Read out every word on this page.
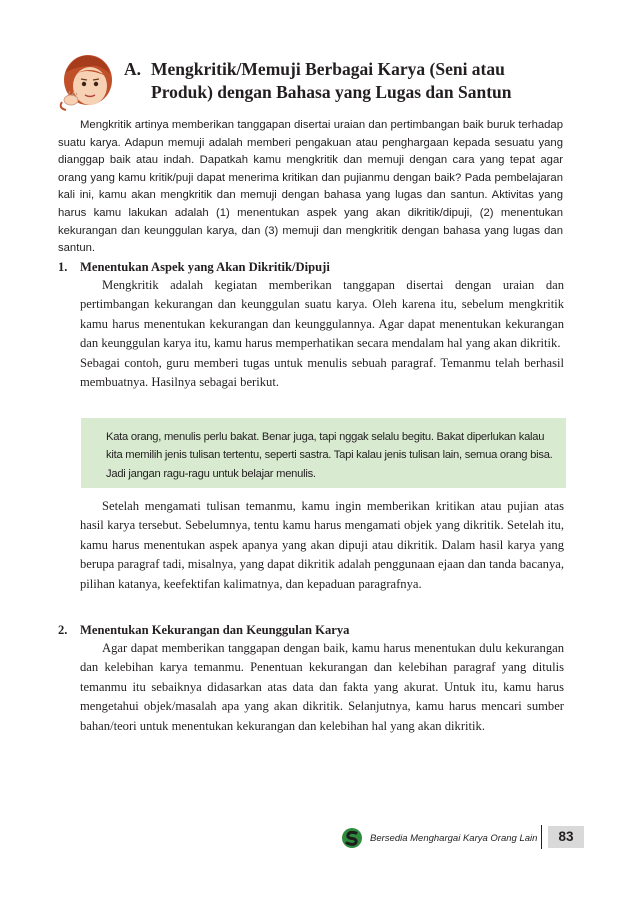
A. Mengkritik/Memuji Berbagai Karya (Seni atau Produk) dengan Bahasa yang Lugas dan Santun

Mengkritik artinya memberikan tanggapan disertai uraian dan pertimbangan baik buruk terhadap suatu karya. Adapun memuji adalah memberi pengakuan atau penghargaan kepada sesuatu yang dianggap baik atau indah. Dapatkah kamu mengkritik dan memuji dengan cara yang tepat agar orang yang kamu kritik/puji dapat menerima kritikan dan pujianmu dengan baik? Pada pembelajaran kali ini, kamu akan mengkritik dan memuji dengan bahasa yang lugas dan santun. Aktivitas yang harus kamu lakukan adalah (1) menentukan aspek yang akan dikritik/dipuji, (2) menentukan kekurangan dan keunggulan karya, dan (3) memuji dan mengkritik dengan bahasa yang lugas dan santun.

1. Menentukan Aspek yang Akan Dikritik/Dipuji

Mengkritik adalah kegiatan memberikan tanggapan disertai dengan uraian dan pertimbangan kekurangan dan keunggulan suatu karya. Oleh karena itu, sebelum mengkritik kamu harus menentukan kekurangan dan keunggulannya. Agar dapat menentukan kekurangan dan keunggulan karya itu, kamu harus memperhatikan secara mendalam hal yang akan dikritik.

Sebagai contoh, guru memberi tugas untuk menulis sebuah paragraf. Temanmu telah berhasil membuatnya. Hasilnya sebagai berikut.

Kata orang, menulis perlu bakat. Benar juga, tapi nggak selalu begitu. Bakat diperlukan kalau kita memilih jenis tulisan tertentu, seperti sastra. Tapi kalau jenis tulisan lain, semua orang bisa. Jadi jangan ragu-ragu untuk belajar menulis.

Setelah mengamati tulisan temanmu, kamu ingin memberikan kritikan atau pujian atas hasil karya tersebut. Sebelumnya, tentu kamu harus mengamati objek yang dikritik. Setelah itu, kamu harus menentukan aspek apanya yang akan dipuji atau dikritik. Dalam hasil karya yang berupa paragraf tadi, misalnya, yang dapat dikritik adalah penggunaan ejaan dan tanda bacanya, pilihan katanya, keefektifan kalimatnya, dan kepaduan paragrafnya.

2. Menentukan Kekurangan dan Keunggulan Karya

Agar dapat memberikan tanggapan dengan baik, kamu harus menentukan dulu kekurangan dan kelebihan karya temanmu. Penentuan kekurangan dan kelebihan paragraf yang ditulis temanmu itu sebaiknya didasarkan atas data dan fakta yang akurat. Untuk itu, kamu harus mengetahui objek/masalah apa yang akan dikritik. Selanjutnya, kamu harus mencari sumber bahan/teori untuk menentukan kekurangan dan kelebihan hal yang akan dikritik.

Bersedia Menghargai Karya Orang Lain	83
